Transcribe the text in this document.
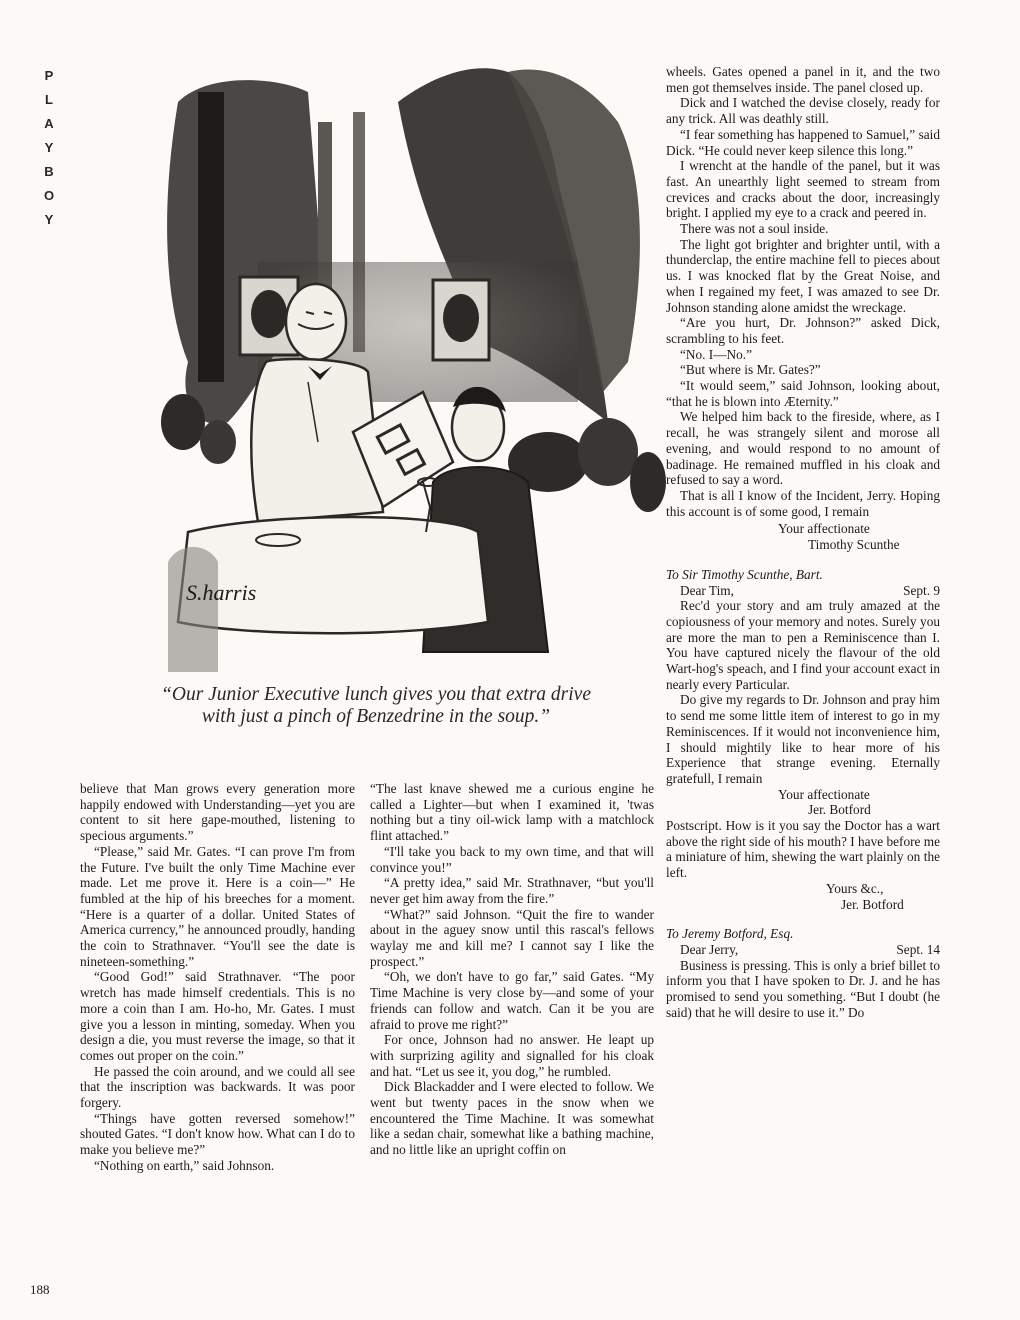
P
L
A
Y
B
O
Y
S.harris
“Our Junior Executive lunch gives you that extra drive
with just a pinch of Benzedrine in the soup.”

believe that Man grows every generation more happily endowed with Understanding—yet you are content to sit here gape-mouthed, listening to specious arguments.”

“Please,” said Mr. Gates. “I can prove I'm from the Future. I've built the only Time Machine ever made. Let me prove it. Here is a coin—” He fumbled at the hip of his breeches for a moment. “Here is a quarter of a dollar. United States of America currency,” he announced proudly, handing the coin to Strathnaver. “You'll see the date is nineteen-something.”

“Good God!” said Strathnaver. “The poor wretch has made himself credentials. This is no more a coin than I am. Ho-ho, Mr. Gates. I must give you a lesson in minting, someday. When you design a die, you must reverse the image, so that it comes out proper on the coin.”

He passed the coin around, and we could all see that the inscription was backwards. It was poor forgery.

“Things have gotten reversed somehow!” shouted Gates. “I don't know how. What can I do to make you believe me?”

“Nothing on earth,” said Johnson.

“The last knave shewed me a curious engine he called a Lighter—but when I examined it, 'twas nothing but a tiny oil-wick lamp with a matchlock flint attached.”

“I'll take you back to my own time, and that will convince you!”

“A pretty idea,” said Mr. Strathnaver, “but you'll never get him away from the fire.”

“What?” said Johnson. “Quit the fire to wander about in the aguey snow until this rascal's fellows waylay me and kill me? I cannot say I like the prospect.”

“Oh, we don't have to go far,” said Gates. “My Time Machine is very close by—and some of your friends can follow and watch. Can it be you are afraid to prove me right?”

For once, Johnson had no answer. He leapt up with surprizing agility and signalled for his cloak and hat. “Let us see it, you dog,” he rumbled.

Dick Blackadder and I were elected to follow. We went but twenty paces in the snow when we encountered the Time Machine. It was somewhat like a sedan chair, somewhat like a bathing machine, and no little like an upright coffin on

wheels. Gates opened a panel in it, and the two men got themselves inside. The panel closed up.

Dick and I watched the devise closely, ready for any trick. All was deathly still.

“I fear something has happened to Samuel,” said Dick. “He could never keep silence this long.”

I wrencht at the handle of the panel, but it was fast. An unearthly light seemed to stream from crevices and cracks about the door, increasingly bright. I applied my eye to a crack and peered in.

There was not a soul inside.

The light got brighter and brighter until, with a thunderclap, the entire machine fell to pieces about us. I was knocked flat by the Great Noise, and when I regained my feet, I was amazed to see Dr. Johnson standing alone amidst the wreckage.

“Are you hurt, Dr. Johnson?” asked Dick, scrambling to his feet.

“No. I—No.”

“But where is Mr. Gates?”

“It would seem,” said Johnson, looking about, “that he is blown into Æternity.”

We helped him back to the fireside, where, as I recall, he was strangely silent and morose all evening, and would respond to no amount of badinage. He remained muffled in his cloak and refused to say a word.

That is all I know of the Incident, Jerry. Hoping this account is of some good, I remain

Your affectionate

Timothy Scunthe

To Sir Timothy Scunthe, Bart.

Dear Tim,	Sept. 9

Rec'd your story and am truly amazed at the copiousness of your memory and notes. Surely you are more the man to pen a Reminiscence than I. You have captured nicely the flavour of the old Wart-hog's speach, and I find your account exact in nearly every Particular.

Do give my regards to Dr. Johnson and pray him to send me some little item of interest to go in my Reminiscences. If it would not inconvenience him, I should mightily like to hear more of his Experience that strange evening. Eternally gratefull, I remain

Your affectionate

Jer. Botford

Postscript. How is it you say the Doctor has a wart above the right side of his mouth? I have before me a miniature of him, shewing the wart plainly on the left.

Yours &c.,

Jer. Botford

To Jeremy Botford, Esq.

Dear Jerry,	Sept. 14

Business is pressing. This is only a brief billet to inform you that I have spoken to Dr. J. and he has promised to send you something. “But I doubt (he said) that he will desire to use it.” Do

188
